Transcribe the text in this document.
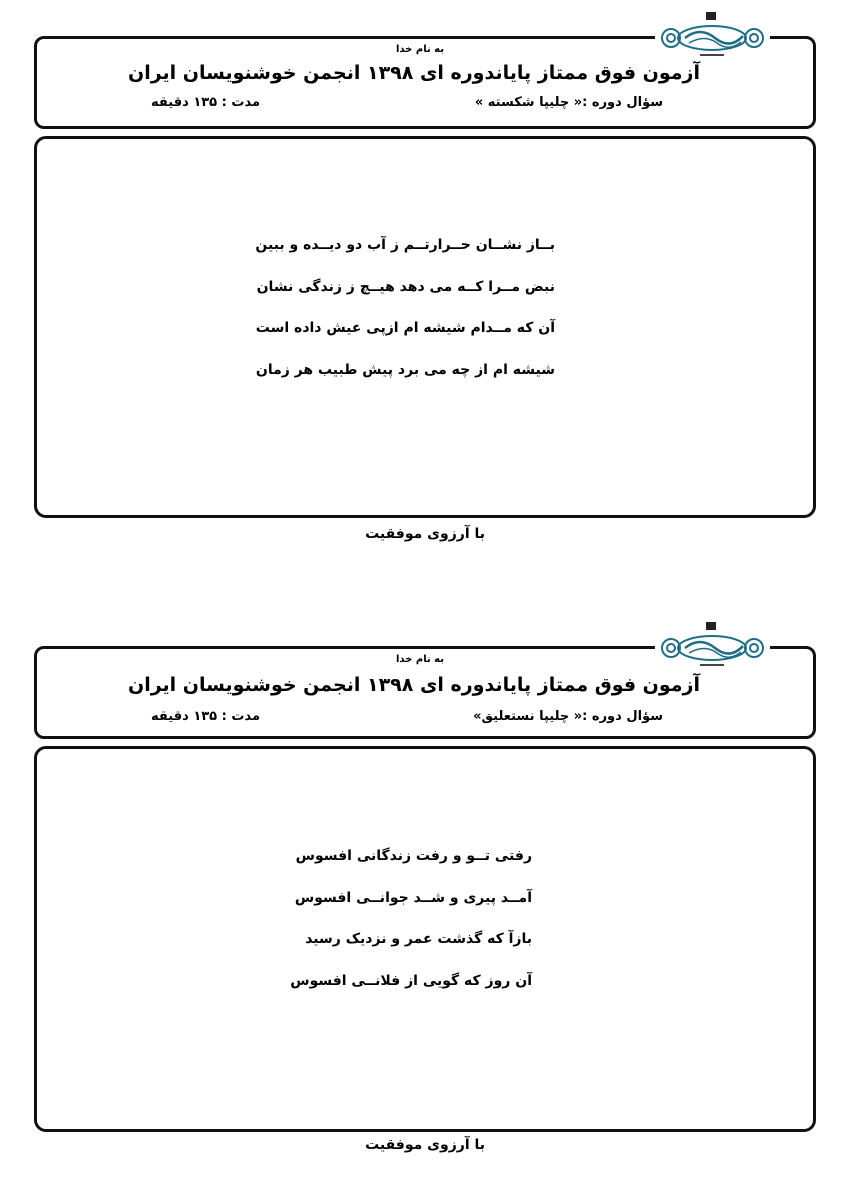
به نام خدا
آزمون فوق ممتاز پایاندوره ای ۱۳۹۸ انجمن خوشنویسان ایران
سؤال دوره :« چلیپا شکسته »
مدت : ۱۳۵ دقیقه
بــاز نشــان حــرارتــم ز آب دو دیــده و ببین
نبض مــرا کــه می دهد هیــچ ز زندگی نشان
آن که مــدام شیشه ام ازپی عیش داده است
شیشه ام از چه می برد پیش طبیب هر زمان
با آرزوی موفقیت
به نام خدا
آزمون فوق ممتاز پایاندوره ای ۱۳۹۸ انجمن خوشنویسان ایران
سؤال دوره :« چلیپا نستعلیق»
مدت : ۱۳۵ دقیقه
رفتی تــو و رفت زندگانی افسوس
آمــد پیری و شــد جوانــی افسوس
بازآ که گذشت عمر و نزدیک رسید
آن روز که گویی از فلانــی افسوس
با آرزوی موفقیت
